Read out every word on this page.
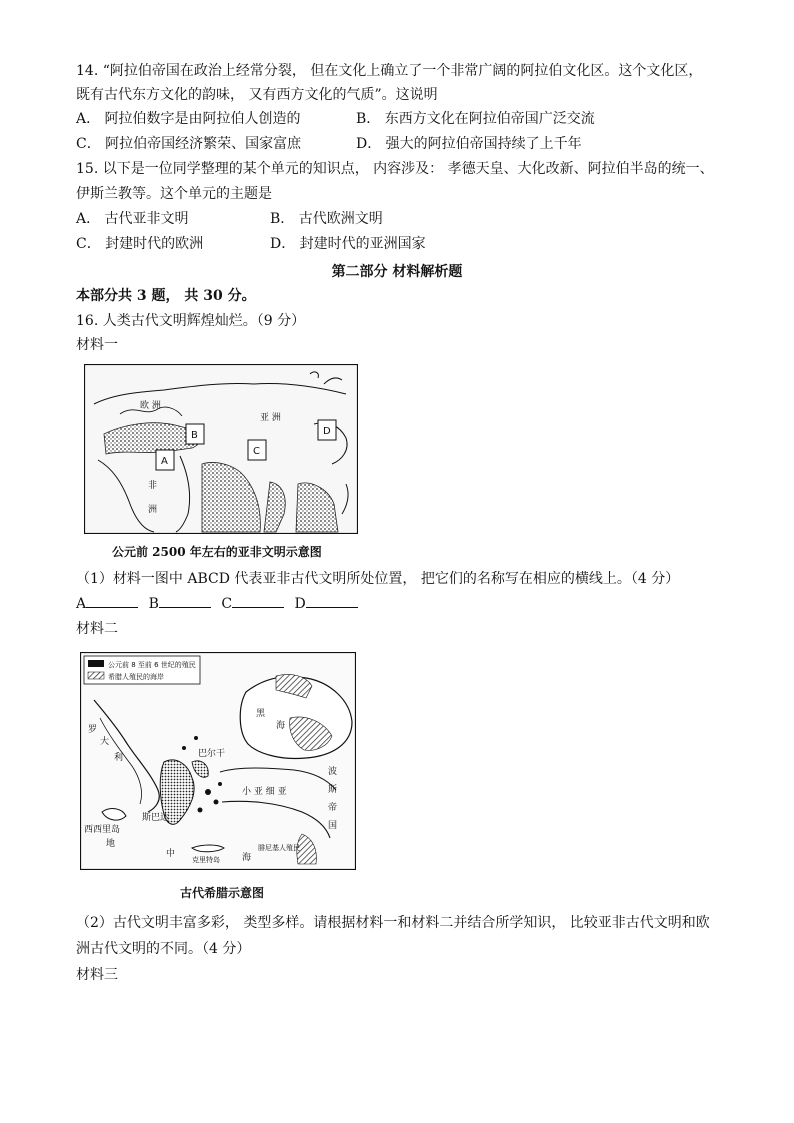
14. “阿拉伯帝国在政治上经常分裂， 但在文化上确立了一个非常广阔的阿拉伯文化区。这个文化区，
既有古代东方文化的韵味， 又有西方文化的气质”。这说明
A． 阿拉伯数字是由阿拉伯人创造的	B． 东西方文化在阿拉伯帝国广泛交流
C． 阿拉伯帝国经济繁荣、国家富庶	D． 强大的阿拉伯帝国持续了上千年
15. 以下是一位同学整理的某个单元的知识点， 内容涉及： 孝德天皇、大化改新、阿拉伯半岛的统一、
伊斯兰教等。这个单元的主题是
A． 古代亚非文明	B． 古代欧洲文明
C． 封建时代的欧洲	D． 封建时代的亚洲国家
第二部分 材料解析题
本部分共 3 题， 共 30 分。
16. 人类古代文明辉煌灿烂。（9 分）
材料一
欧 洲
亚 洲
非
洲
A
B
C
D
公元前 2500 年左右的亚非文明示意图
（1）材料一图中 ABCD 代表亚非古代文明所处位置， 把它们的名称写在相应的横线上。（4 分）
A	B	C	D
材料二
公元前 8 至前 6 世纪的殖民
希腊人殖民的海岸
黑
海
大
利
罗
西西里岛
巴尔干
斯巴达
小 亚 细 亚
波
斯
帝
国
克里特岛
腓尼基人殖民
地
中	海
古代希腊示意图
（2）古代文明丰富多彩， 类型多样。请根据材料一和材料二并结合所学知识， 比较亚非古代文明和欧
洲古代文明的不同。（4 分）
材料三
